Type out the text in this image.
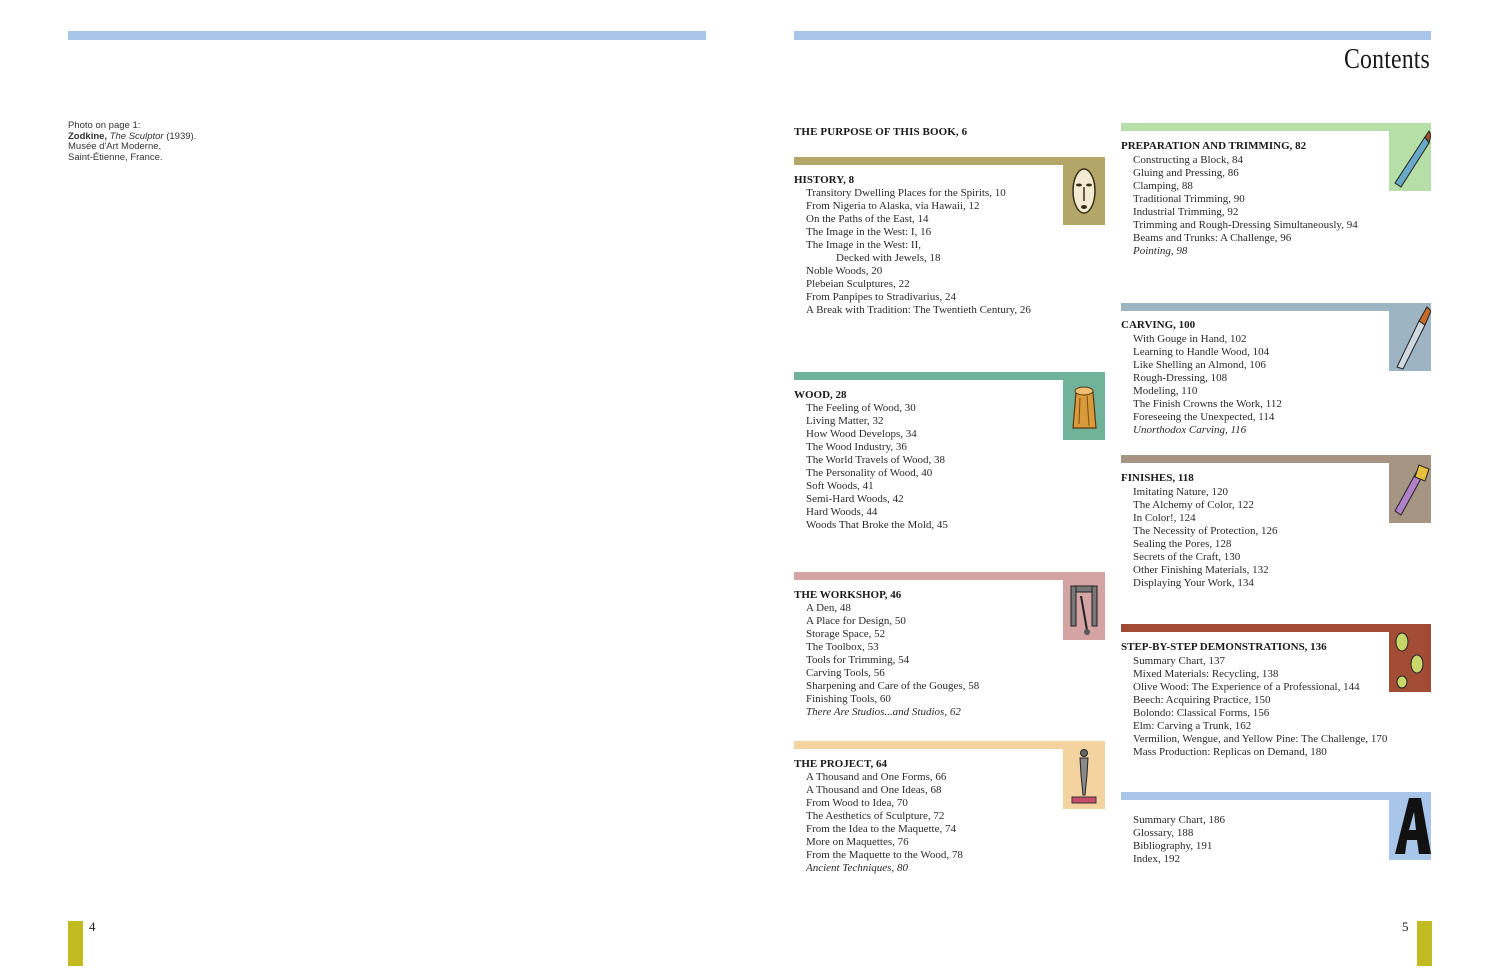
Contents
Photo on page 1:
Zodkine, The Sculptor (1939).
Musée d'Art Moderne,
Saint-Étienne, France.
THE PURPOSE OF THIS BOOK, 6
HISTORY, 8
Transitory Dwelling Places for the Spirits, 10
From Nigeria to Alaska, via Hawaii, 12
On the Paths of the East, 14
The Image in the West: I, 16
The Image in the West: II,
Decked with Jewels, 18
Noble Woods, 20
Plebeian Sculptures, 22
From Panpipes to Stradivarius, 24
A Break with Tradition: The Twentieth Century, 26
WOOD, 28
The Feeling of Wood, 30
Living Matter, 32
How Wood Develops, 34
The Wood Industry, 36
The World Travels of Wood, 38
The Personality of Wood, 40
Soft Woods, 41
Semi-Hard Woods, 42
Hard Woods, 44
Woods That Broke the Mold, 45
THE WORKSHOP, 46
A Den, 48
A Place for Design, 50
Storage Space, 52
The Toolbox, 53
Tools for Trimming, 54
Carving Tools, 56
Sharpening and Care of the Gouges, 58
Finishing Tools, 60
There Are Studios...and Studios, 62
THE PROJECT, 64
A Thousand and One Forms, 66
A Thousand and One Ideas, 68
From Wood to Idea, 70
The Aesthetics of Sculpture, 72
From the Idea to the Maquette, 74
More on Maquettes, 76
From the Maquette to the Wood, 78
Ancient Techniques, 80
PREPARATION AND TRIMMING, 82
Constructing a Block, 84
Gluing and Pressing, 86
Clamping, 88
Traditional Trimming, 90
Industrial Trimming, 92
Trimming and Rough-Dressing Simultaneously, 94
Beams and Trunks: A Challenge, 96
Pointing, 98
CARVING, 100
With Gouge in Hand, 102
Learning to Handle Wood, 104
Like Shelling an Almond, 106
Rough-Dressing, 108
Modeling, 110
The Finish Crowns the Work, 112
Foreseeing the Unexpected, 114
Unorthodox Carving, 116
FINISHES, 118
Imitating Nature, 120
The Alchemy of Color, 122
In Color!, 124
The Necessity of Protection, 126
Sealing the Pores, 128
Secrets of the Craft, 130
Other Finishing Materials, 132
Displaying Your Work, 134
STEP-BY-STEP DEMONSTRATIONS, 136
Summary Chart, 137
Mixed Materials: Recycling, 138
Olive Wood: The Experience of a Professional, 144
Beech: Acquiring Practice, 150
Bolondo: Classical Forms, 156
Elm: Carving a Trunk, 162
Vermilion, Wengue, and Yellow Pine: The Challenge, 170
Mass Production: Replicas on Demand, 180
Summary Chart, 186
Glossary, 188
Bibliography, 191
Index, 192
4	5
